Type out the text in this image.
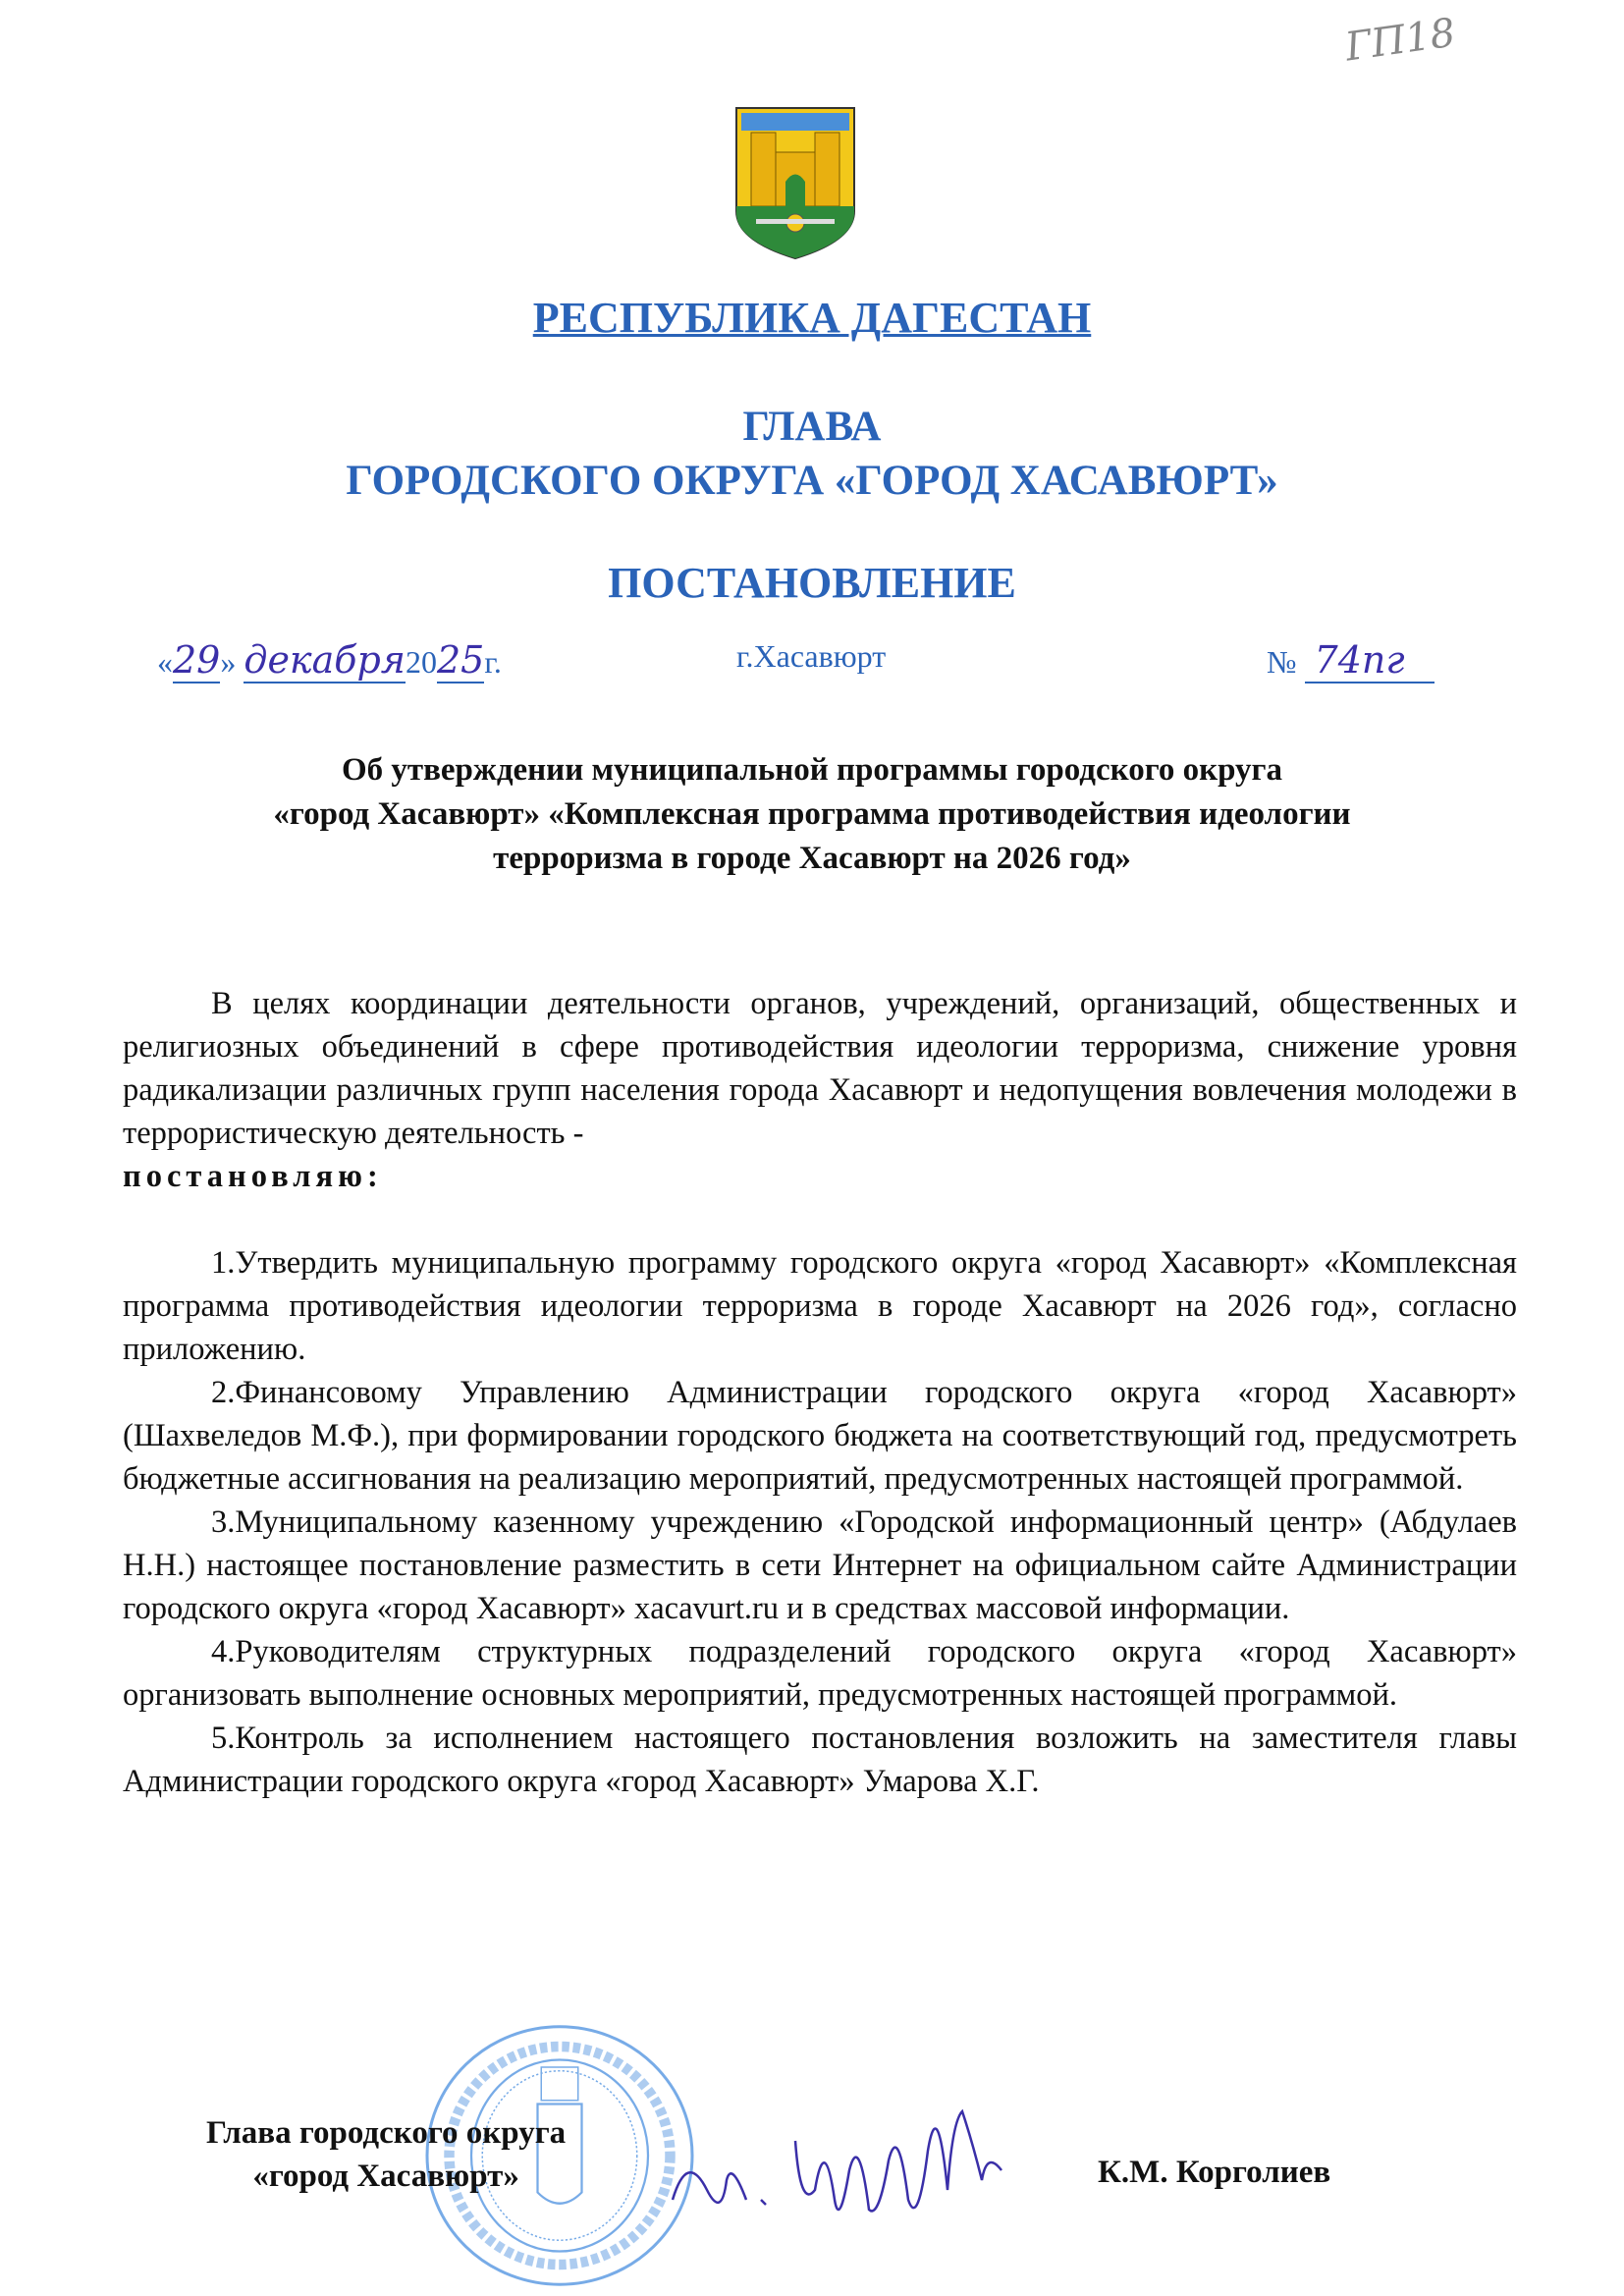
ГП18
РЕСПУБЛИКА ДАГЕСТАН
ГЛАВА
ГОРОДСКОГО ОКРУГА «ГОРОД ХАСАВЮРТ»
ПОСТАНОВЛЕНИЕ
«29» декабря2025г.	г.Хасавюрт	№ 74пг
Об утверждении муниципальной программы городского округа
«город Хасавюрт» «Комплексная программа противодействия идеологии
терроризма в городе Хасавюрт на 2026 год»

В целях координации деятельности органов, учреждений, организаций, общественных и религиозных объединений в сфере противодействия идеологии терроризма, снижение уровня радикализации различных групп населения города Хасавюрт и недопущения вовлечения молодежи в террористическую деятельность -
постановляю:

1.Утвердить муниципальную программу городского округа «город Хасавюрт» «Комплексная программа противодействия идеологии терроризма в городе Хасавюрт на 2026 год», согласно приложению.

2.Финансовому Управлению Администрации городского округа «город Хасавюрт» (Шахвеледов М.Ф.), при формировании городского бюджета на соответствующий год, предусмотреть бюджетные ассигнования на реализацию мероприятий, предусмотренных настоящей программой.

3.Муниципальному казенному учреждению «Городской информационный центр» (Абдулаев Н.Н.) настоящее постановление разместить в сети Интернет на официальном сайте Администрации городского округа «город Хасавюрт» xacavurt.ru и в средствах массовой информации.

4.Руководителям структурных подразделений городского округа «город Хасавюрт» организовать выполнение основных мероприятий, предусмотренных настоящей программой.

5.Контроль за исполнением настоящего постановления возложить на заместителя главы Администрации городского округа «город Хасавюрт» Умарова Х.Г.

Глава городского округа
«город Хасавюрт»	К.М. Корголиев
